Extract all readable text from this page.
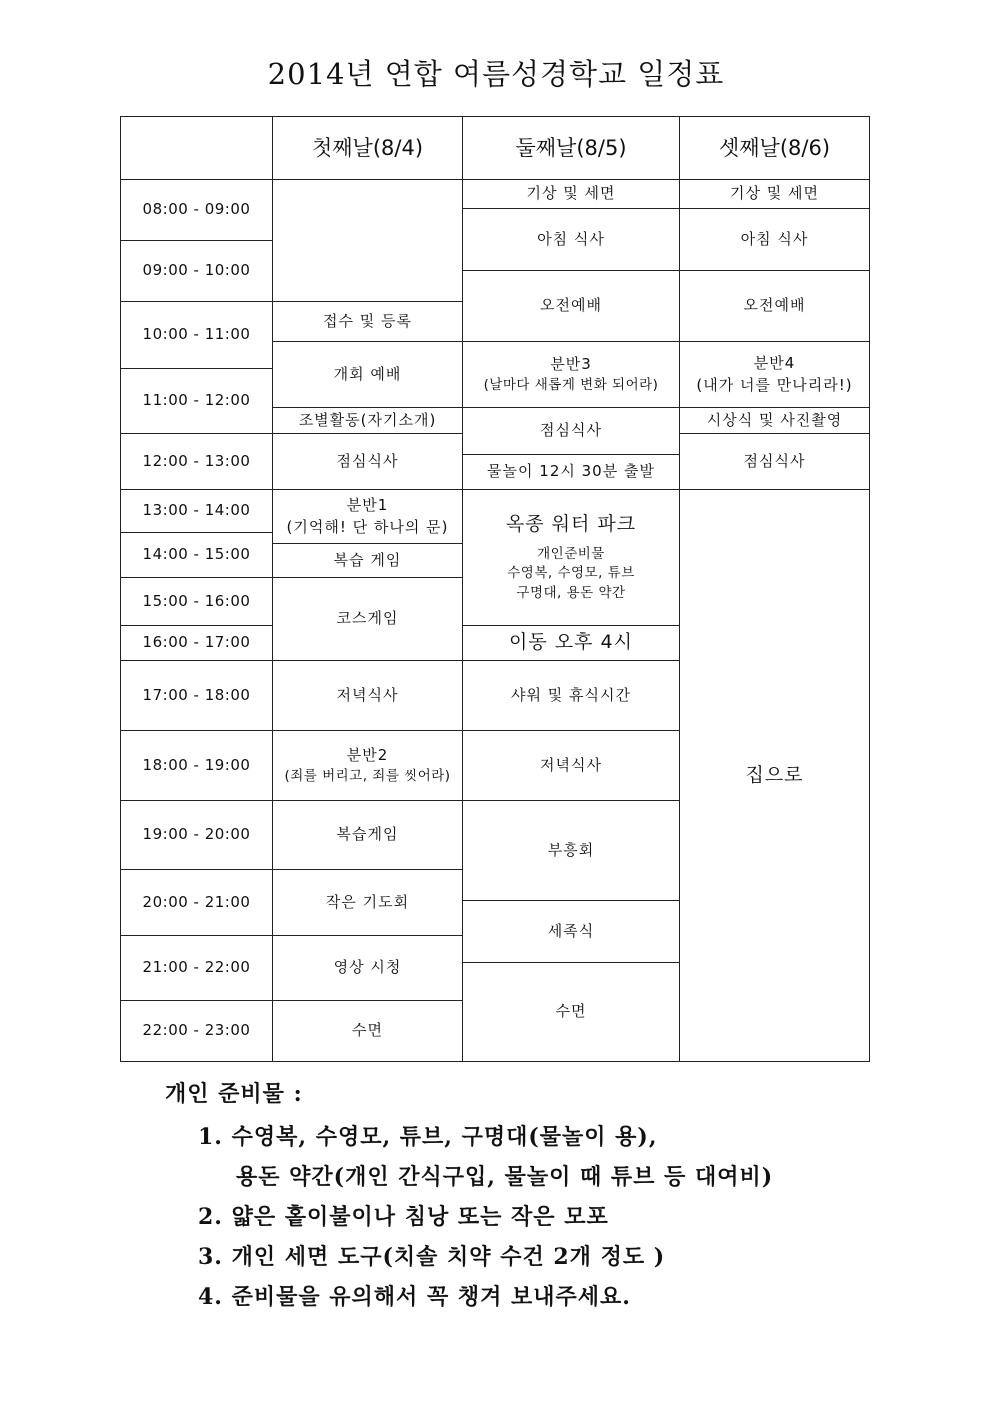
2014년 연합 여름성경학교 일정표
첫째날(8/4)	둘째날(8/5)	셋째날(8/6)
08:00 - 09:00
09:00 - 10:00
10:00 - 11:00
11:00 - 12:00
12:00 - 13:00
13:00 - 14:00
14:00 - 15:00
15:00 - 16:00
16:00 - 17:00
17:00 - 18:00
18:00 - 19:00
19:00 - 20:00
20:00 - 21:00
21:00 - 22:00
22:00 - 23:00
접수 및 등록
개회 예배
조별활동(자기소개)
점심식사
분반1
(기억해! 단 하나의 문)
복습 게임
코스게임
저녁식사
분반2
(죄를 버리고, 죄를 씻어라)
복습게임
작은 기도회
영상 시청
수면
기상 및 세면
아침 식사
오전예배
분반3
(날마다 새롭게 변화 되어라)
점심식사
물놀이 12시 30분 출발
옥종 워터 파크
개인준비물
수영복, 수영모, 튜브
구명대, 용돈 약간
이동 오후 4시
샤워 및 휴식시간
저녁식사
부흥회
세족식
수면
기상 및 세면
아침 식사
오전예배
분반4
(내가 너를 만나리라!)
시상식 및 사진촬영
점심식사
집으로
개인 준비물 :
1. 수영복, 수영모, 튜브, 구명대(물놀이 용),
용돈 약간(개인 간식구입, 물놀이 때 튜브 등 대여비)
2. 얇은 홑이불이나 침낭 또는 작은 모포
3. 개인 세면 도구(치솔 치약 수건 2개 정도 )
4. 준비물을 유의해서 꼭 챙겨 보내주세요.
